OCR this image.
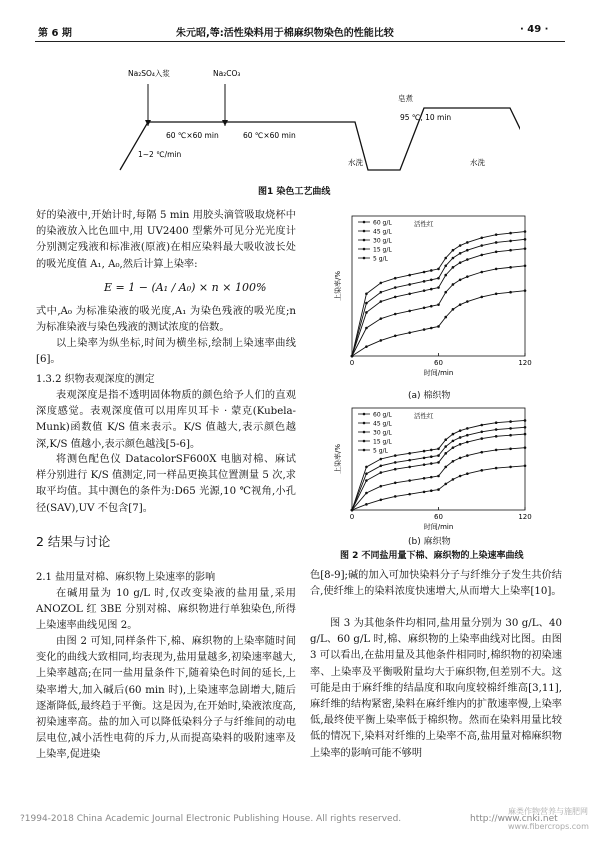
第 6 期	朱元昭,等:活性染料用于棉麻织物染色的性能比较	· 49 ·
Na₂SO₄入浆	Na₂CO₃
1~2 ℃/min
60 ℃×60 min	60 ℃×60 min
皂煮
95 ℃, 10 min
水洗	水洗
图1 染色工艺曲线

好的染液中,开始计时,每隔 5 min 用胶头滴管吸取烧杯中的染液放入比色皿中,用 UV2400 型紫外可见分光光度计分别测定残液和标准液(原液)在相应染料最大吸收波长处的吸光度值 A₁, A₀,然后计算上染率:

E = 1 − (A₁ / A₀) × n × 100%

式中,A₀ 为标准染液的吸光度,A₁ 为染色残液的吸光度;n 为标准染液与染色残液的测试浓度的倍数。

以上染率为纵坐标,时间为横坐标,绘制上染速率曲线[6]。

1.3.2 织物表观深度的测定

表观深度是指不透明固体物质的颜色给予人们的直观深度感觉。表观深度值可以用库贝耳卡 · 蒙克(Kubela-Munk)函数值 K/S 值来表示。K/S 值越大,表示颜色越深,K/S 值越小,表示颜色越浅[5-6]。

将测色配色仪 DatacolorSF600X 电脑对棉、麻试样分别进行 K/S 值测定,同一样品更换其位置测量 5 次,求取平均值。其中测色的条件为:D65 光源,10 ℃视角,小孔径(SAV),UV 不包含[7]。

2 结果与讨论
2.1 盐用量对棉、麻织物上染速率的影响

在碱用量为 10 g/L 时,仅改变染液的盐用量,采用 ANOZOL 红 3BE 分别对棉、麻织物进行单独染色,所得上染速率曲线见图 2。

由图 2 可知,同样条件下,棉、麻织物的上染率随时间变化的曲线大致相同,均表现为,盐用量越多,初染速率越大,上染率越高;在同一盐用量条件下,随着染色时间的延长,上染率增大,加入碱后(60 min 时),上染速率急剧增大,随后逐渐降低,最终趋于平衡。这是因为,在开始时,染液浓度高,初染速率高。盐的加入可以降低染料分子与纤维间的动电层电位,减小活性电荷的斥力,从而提高染料的吸附速率及上染率,促进染

0	60	120
时间/min
上染率/%
60 g/L
45 g/L
30 g/L
15 g/L
5 g/L
活性红
(a) 棉织物
0	60	120
时间/min
上染率/%
60 g/L
45 g/L
30 g/L
15 g/L
5 g/L
活性红
(b) 麻织物
图 2 不同盐用量下棉、麻织物的上染速率曲线

色[8-9];碱的加入可加快染料分子与纤维分子发生共价结合,使纤维上的染料浓度快速增大,从而增大上染率[10]。

图 3 为其他条件均相同,盐用量分别为 30 g/L、40 g/L、60 g/L 时,棉、麻织物的上染率曲线对比图。由图 3 可以看出,在盐用量及其他条件相同时,棉织物的初染速率、上染率及平衡吸附量均大于麻织物,但差别不大。这可能是由于麻纤维的结晶度和取向度较棉纤维高[3,11],麻纤维的结构紧密,染料在麻纤维内的扩散速率慢,上染率低,最终使平衡上染率低于棉织物。然而在染料用量比较低的情况下,染料对纤维的上染率不高,盐用量对棉麻织物上染率的影响可能不够明

?1994-2018 China Academic Journal Electronic Publishing House. All rights reserved.	http://www.cnki.net
麻类作物营养与施肥网
www.fibercrops.com
